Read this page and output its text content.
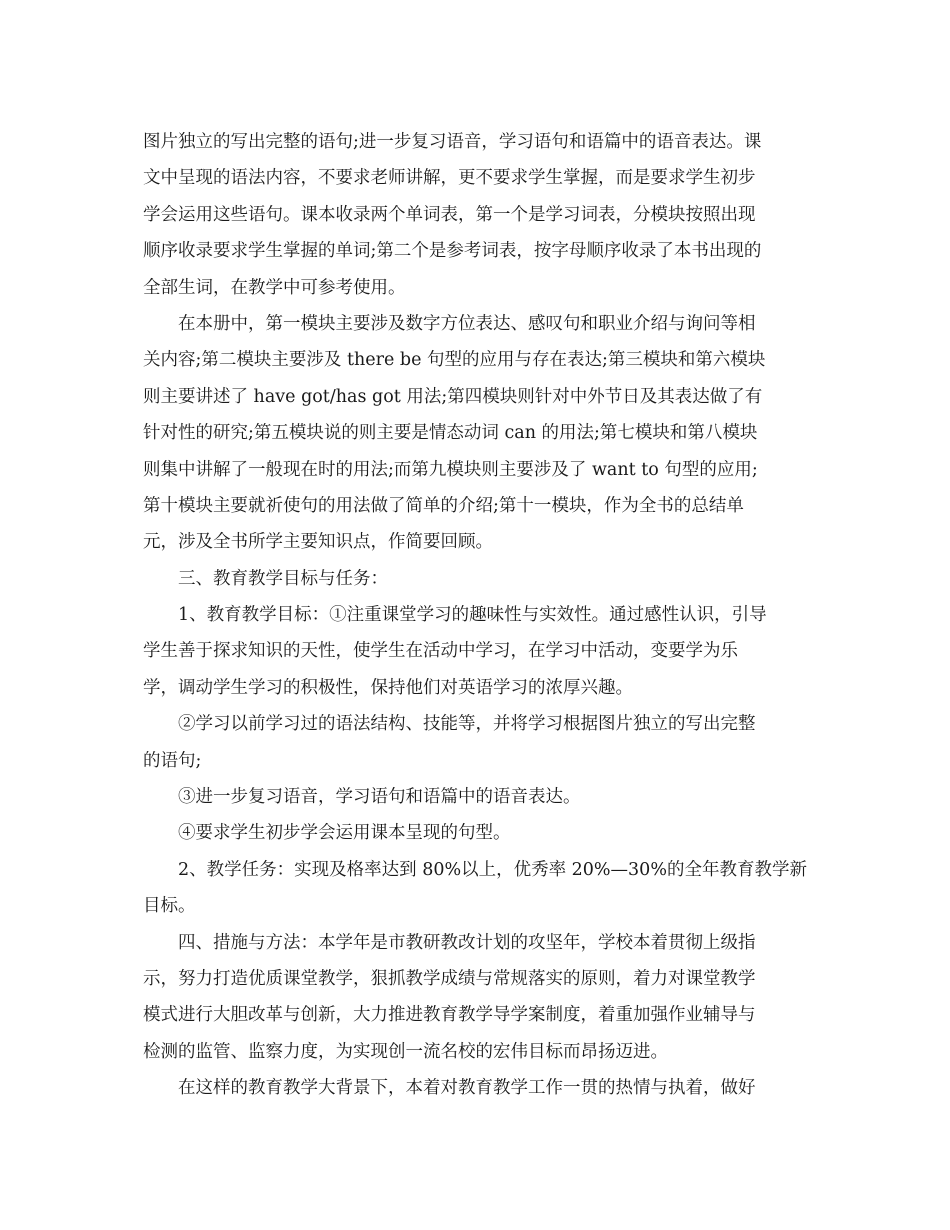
图片独立的写出完整的语句;进一步复习语音，学习语句和语篇中的语音表达。课
文中呈现的语法内容，不要求老师讲解，更不要求学生掌握，而是要求学生初步
学会运用这些语句。课本收录两个单词表，第一个是学习词表，分模块按照出现
顺序收录要求学生掌握的单词;第二个是参考词表，按字母顺序收录了本书出现的
全部生词，在教学中可参考使用。
　　在本册中，第一模块主要涉及数字方位表达、感叹句和职业介绍与询问等相
关内容;第二模块主要涉及 there be 句型的应用与存在表达;第三模块和第六模块
则主要讲述了 have got/has got 用法;第四模块则针对中外节日及其表达做了有
针对性的研究;第五模块说的则主要是情态动词 can 的用法;第七模块和第八模块
则集中讲解了一般现在时的用法;而第九模块则主要涉及了 want to 句型的应用;
第十模块主要就祈使句的用法做了简单的介绍;第十一模块，作为全书的总结单
元，涉及全书所学主要知识点，作简要回顾。
　　三、教育教学目标与任务：
　　1、教育教学目标：①注重课堂学习的趣味性与实效性。通过感性认识，引导
学生善于探求知识的天性，使学生在活动中学习，在学习中活动，变要学为乐
学，调动学生学习的积极性，保持他们对英语学习的浓厚兴趣。
　　②学习以前学习过的语法结构、技能等，并将学习根据图片独立的写出完整
的语句;
　　③进一步复习语音，学习语句和语篇中的语音表达。
　　④要求学生初步学会运用课本呈现的句型。
　　2、教学任务：实现及格率达到 80%以上，优秀率 20%—30%的全年教育教学新
目标。
　　四、措施与方法：本学年是市教研教改计划的攻坚年，学校本着贯彻上级指
示，努力打造优质课堂教学，狠抓教学成绩与常规落实的原则，着力对课堂教学
模式进行大胆改革与创新，大力推进教育教学导学案制度，着重加强作业辅导与
检测的监管、监察力度，为实现创一流名校的宏伟目标而昂扬迈进。
　　在这样的教育教学大背景下，本着对教育教学工作一贯的热情与执着，做好
